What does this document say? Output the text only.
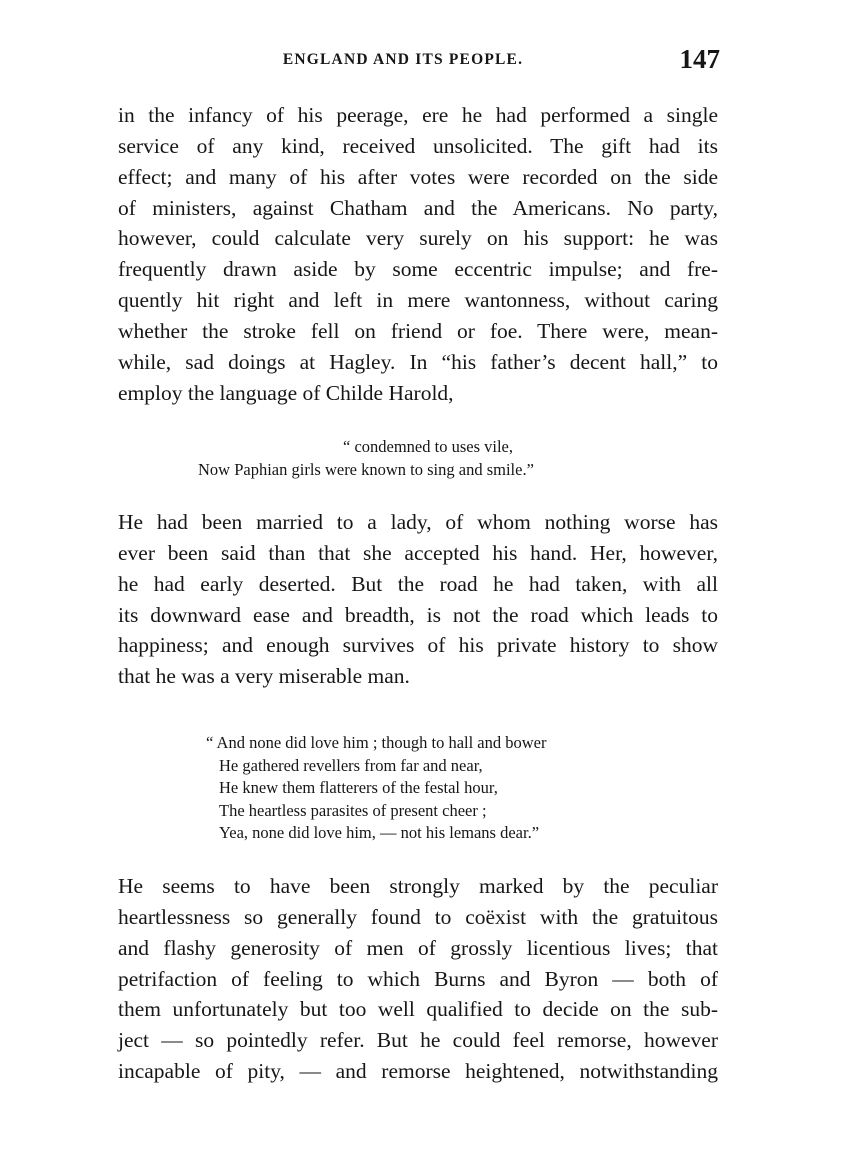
ENGLAND AND ITS PEOPLE.	147
in the infancy of his peerage, ere he had performed a single
service of any kind, received unsolicited. The gift had its
effect; and many of his after votes were recorded on the side
of ministers, against Chatham and the Americans. No party,
however, could calculate very surely on his support: he was
frequently drawn aside by some eccentric impulse; and fre-
quently hit right and left in mere wantonness, without caring
whether the stroke fell on friend or foe. There were, mean-
while, sad doings at Hagley. In “his father’s decent hall,” to
employ the language of Childe Harold,
“ condemned to uses vile,
Now Paphian girls were known to sing and smile.”
He had been married to a lady, of whom nothing worse has
ever been said than that she accepted his hand. Her, however,
he had early deserted. But the road he had taken, with all
its downward ease and breadth, is not the road which leads to
happiness; and enough survives of his private history to show
that he was a very miserable man.
“ And none did love him ; though to hall and bower
He gathered revellers from far and near,
He knew them flatterers of the festal hour,
The heartless parasites of present cheer ;
Yea, none did love him, — not his lemans dear.”
He seems to have been strongly marked by the peculiar
heartlessness so generally found to coëxist with the gratuitous
and flashy generosity of men of grossly licentious lives; that
petrifaction of feeling to which Burns and Byron — both of
them unfortunately but too well qualified to decide on the sub-
ject — so pointedly refer. But he could feel remorse, however
incapable of pity, — and remorse heightened, notwithstanding
